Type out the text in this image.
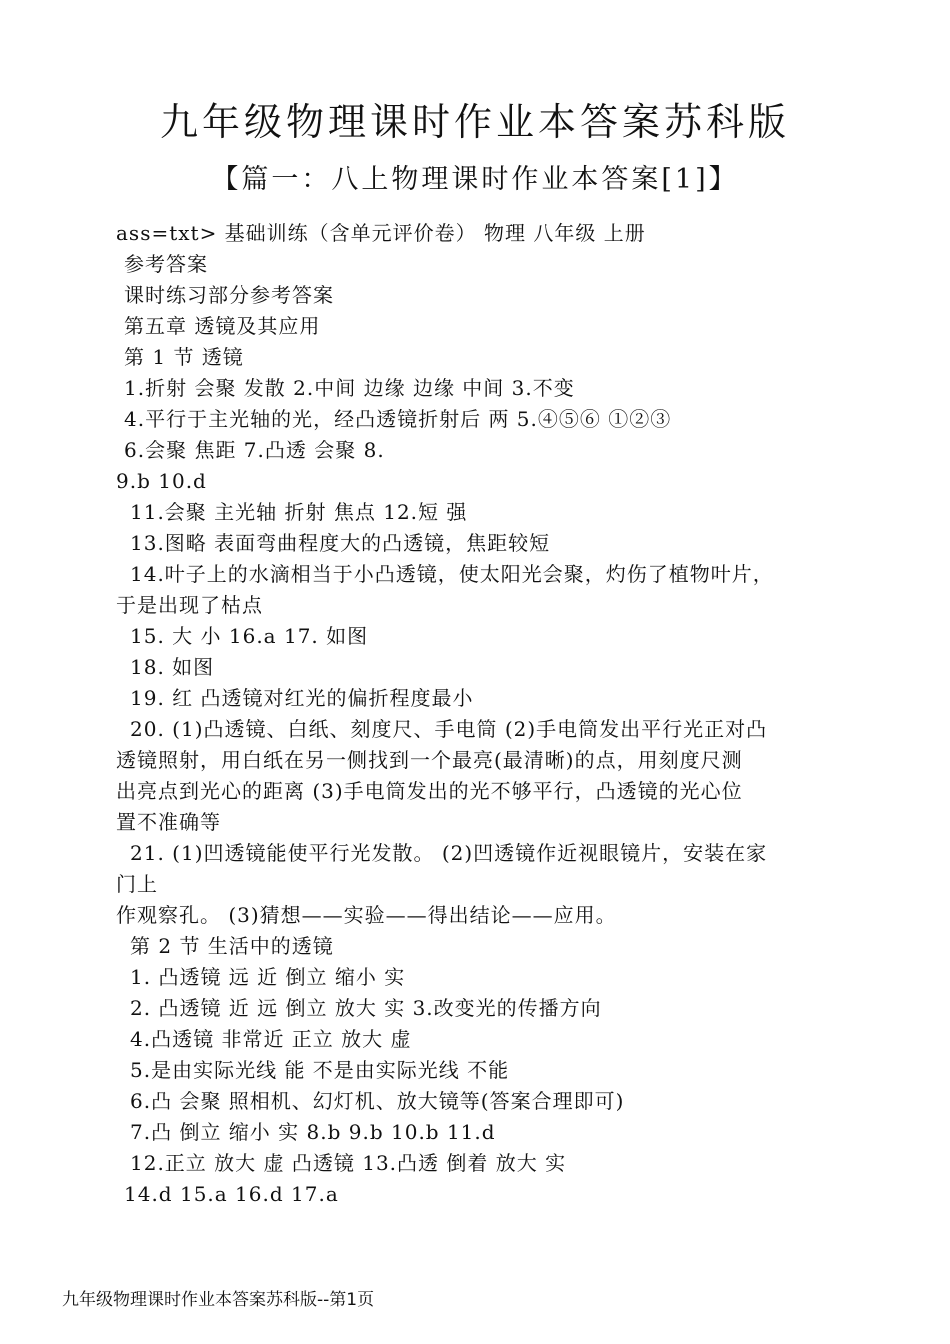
九年级物理课时作业本答案苏科版
【篇一：八上物理课时作业本答案[1]】
ass=txt> 基础训练（含单元评价卷） 物理 八年级 上册
参考答案
课时练习部分参考答案
第五章 透镜及其应用
第 1 节 透镜
1.折射 会聚 发散 2.中间 边缘 边缘 中间 3.不变
4.平行于主光轴的光，经凸透镜折射后 两 5.④⑤⑥ ①②③
6.会聚 焦距 7.凸透 会聚 8.
9.b 10.d
11.会聚 主光轴 折射 焦点 12.短 强
13.图略 表面弯曲程度大的凸透镜，焦距较短
14.叶子上的水滴相当于小凸透镜，使太阳光会聚，灼伤了植物叶片，
于是出现了枯点
15. 大 小 16.a 17. 如图
18. 如图
19. 红 凸透镜对红光的偏折程度最小
20. (1)凸透镜、白纸、刻度尺、手电筒 (2)手电筒发出平行光正对凸
透镜照射，用白纸在另一侧找到一个最亮(最清晰)的点，用刻度尺测
出亮点到光心的距离 (3)手电筒发出的光不够平行，凸透镜的光心位
置不准确等
21. (1)凹透镜能使平行光发散。 (2)凹透镜作近视眼镜片，安装在家
门上
作观察孔。 (3)猜想——实验——得出结论——应用。
第 2 节 生活中的透镜
1. 凸透镜 远 近 倒立 缩小 实
2. 凸透镜 近 远 倒立 放大 实 3.改变光的传播方向
4.凸透镜 非常近 正立 放大 虚
5.是由实际光线 能 不是由实际光线 不能
6.凸 会聚 照相机、幻灯机、放大镜等(答案合理即可)
7.凸 倒立 缩小 实 8.b 9.b 10.b 11.d
12.正立 放大 虚 凸透镜 13.凸透 倒着 放大 实
14.d 15.a 16.d 17.a
九年级物理课时作业本答案苏科版--第1页
